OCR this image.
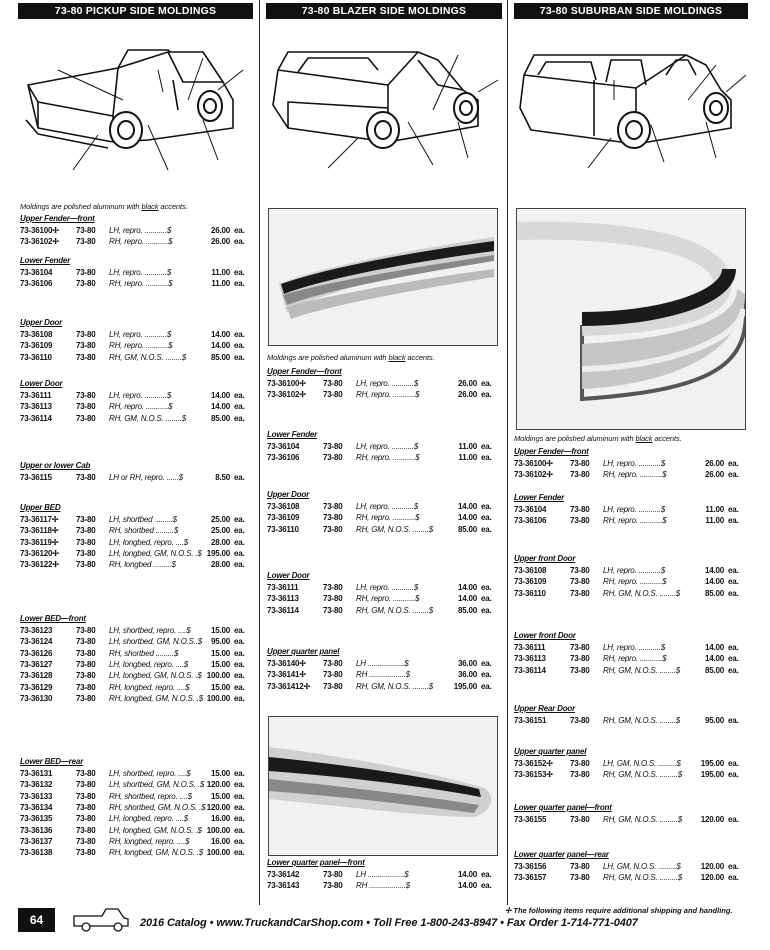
73-80 PICKUP SIDE MOLDINGS	73-80 BLAZER SIDE MOLDINGS	73-80 SUBURBAN SIDE MOLDINGS
64	2016 Catalog • www.TruckandCarShop.com • Toll Free 1-800-243-8947 • Fax Order 1-714-771-0407
✢ The following items require additional shipping and handling.
Moldings are polished aluminum with black accents.
Upper Fender—front
73-36100✢ 73-80 LH, repro. ...........$	26.00 ea.
73-36102✢ 73-80 RH, repro. ...........$	26.00 ea.
Lower Fender
73-36104	73-80 LH, repro. ...........$	11.00 ea.
73-36106	73-80 RH, repro. ...........$	11.00 ea.
Upper Door
73-36108	73-80 LH, repro. ...........$	14.00 ea.
73-36109	73-80 RH, repro. ...........$	14.00 ea.
73-36110	73-80 RH, GM, N.O.S. ........$	85.00 ea.
Lower Door
73-36111	73-80 LH, repro. ...........$	14.00 ea.
73-36113	73-80 RH, repro. ...........$	14.00 ea.
73-36114	73-80 RH, GM, N.O.S. ........$	85.00 ea.
Upper or lower Cab
73-36115	73-80 LH or RH, repro. ......$	8.50 ea.
Upper BED
73-36117✢ 73-80 LH, shortbed .........$	25.00 ea.
73-36118✢ 73-80 RH, shortbed .........$	25.00 ea.
73-36119✢ 73-80 LH, longbed, repro. ....$	28.00 ea.
73-36120✢ 73-80 LH, longbed, GM, N.O.S. .$ 195.00 ea.
73-36122✢ 73-80 RH, longbed .........$	28.00 ea.
Lower BED—front
73-36123	73-80 LH, shortbed, repro. ....$	15.00 ea.
73-36124	73-80 LH, shortbed, GM, N.O.S..$	95.00 ea.
73-36126	73-80 RH, shortbed .........$	15.00 ea.
73-36127	73-80 LH, longbed, repro. ....$	15.00 ea.
73-36128	73-80 LH, longbed, GM, N.O.S. .$ 100.00 ea.
73-36129	73-80 RH, longbed, repro. ....$	15.00 ea.
73-36130	73-80 RH, longbed, GM, N.O.S. .$ 100.00 ea.
Lower BED—rear
73-36131	73-80 LH, shortbed, repro. ....$	15.00 ea.
73-36132	73-80 LH, shortbed, GM, N.O.S. .$ 120.00 ea.
73-36133	73-80 RH, shortbed, repro. ....$	15.00 ea.
73-36134	73-80 RH, shortbed, GM, N.O.S. .$ 120.00 ea.
73-36135	73-80 LH, longbed, repro. ....$	16.00 ea.
73-36136	73-80 LH, longbed, GM, N.O.S. .$ 100.00 ea.
73-36137	73-80 RH, longbed, repro. ....$	16.00 ea.
73-36138	73-80 RH, longbed, GM, N.O.S. .$ 100.00 ea.
Moldings are polished aluminum with black accents.
Upper Fender—front
73-36100✢ 73-80 LH, repro. ...........$	26.00 ea.
73-36102✢ 73-80 RH, repro. ...........$	26.00 ea.
Lower Fender
73-36104	73-80 LH, repro. ...........$	11.00 ea.
73-36106	73-80 RH, repro. ...........$	11.00 ea.
Upper Door
73-36108	73-80 LH, repro. ...........$	14.00 ea.
73-36109	73-80 RH, repro. ...........$	14.00 ea.
73-36110	73-80 RH, GM, N.O.S. ........$	85.00 ea.
Lower Door
73-36111	73-80 LH, repro. ...........$	14.00 ea.
73-36113	73-80 RH, repro. ...........$	14.00 ea.
73-36114	73-80 RH, GM, N.O.S. ........$	85.00 ea.
Upper quarter panel
73-36140✢ 73-80 LH ..................$	36.00 ea.
73-36141✢ 73-80 RH ..................$	36.00 ea.
73-361412✢ 73-80 RH, GM, N.O.S. ........$	195.00 ea.
Lower quarter panel—front
73-36142	73-80 LH ..................$	14.00 ea.
73-36143	73-80 RH ..................$	14.00 ea.
Moldings are polished aluminum with black accents.
Upper Fender—front
73-36100✢ 73-80 LH, repro. ...........$	26.00 ea.
73-36102✢ 73-80 RH, repro. ...........$	26.00 ea.
Lower Fender
73-36104	73-80 LH, repro. ...........$	11.00 ea.
73-36106	73-80 RH, repro. ...........$	11.00 ea.
Upper front Door
73-36108	73-80 LH, repro. ...........$	14.00 ea.
73-36109	73-80 RH, repro. ...........$	14.00 ea.
73-36110	73-80 RH, GM, N.O.S. ........$	85.00 ea.
Lower front Door
73-36111	73-80 LH, repro. ...........$	14.00 ea.
73-36113	73-80 RH, repro. ...........$	14.00 ea.
73-36114	73-80 RH, GM, N.O.S. ........$	85.00 ea.
Upper Rear Door
73-36151	73-80 RH, GM, N.O.S. ........$	95.00 ea.
Upper quarter panel
73-36152✢ 73-80 LH, GM, N.O.S. .........$	195.00 ea.
73-36153✢ 73-80 RH, GM, N.O.S. .........$	195.00 ea.
Lower quarter panel—front
73-36155	73-80 RH, GM, N.O.S. .........$	120.00 ea.
Lower quarter panel—rear
73-36156	73-80 LH, GM, N.O.S. .........$	120.00 ea.
73-36157	73-80 RH, GM, N.O.S. .........$	120.00 ea.
